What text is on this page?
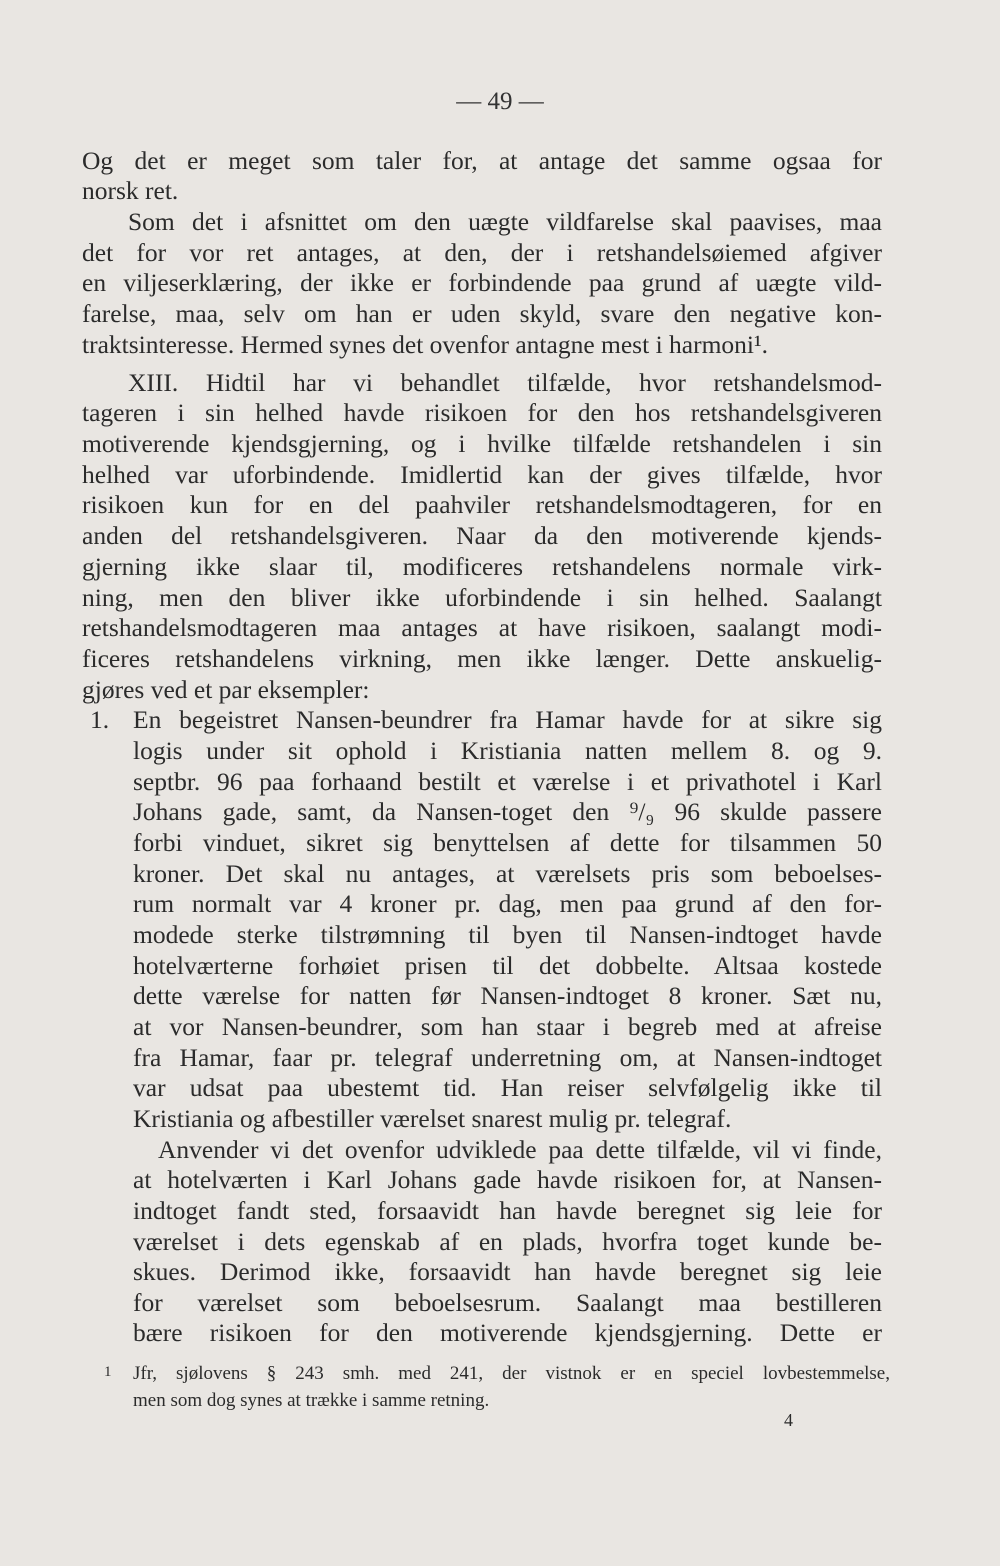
— 49 —
Og det er meget som taler for, at antage det samme ogsaa for
norsk ret.
Som det i afsnittet om den uægte vildfarelse skal paavises, maa
det for vor ret antages, at den, der i retshandelsøiemed afgiver
en viljeserklæring, der ikke er forbindende paa grund af uægte vild-
farelse, maa, selv om han er uden skyld, svare den negative kon-
traktsinteresse. Hermed synes det ovenfor antagne mest i harmoni¹.
XIII. Hidtil har vi behandlet tilfælde, hvor retshandelsmod-
tageren i sin helhed havde risikoen for den hos retshandelsgiveren
motiverende kjendsgjerning, og i hvilke tilfælde retshandelen i sin
helhed var uforbindende. Imidlertid kan der gives tilfælde, hvor
risikoen kun for en del paahviler retshandelsmodtageren, for en
anden del retshandelsgiveren. Naar da den motiverende kjends-
gjerning ikke slaar til, modificeres retshandelens normale virk-
ning, men den bliver ikke uforbindende i sin helhed. Saalangt
retshandelsmodtageren maa antages at have risikoen, saalangt modi-
ficeres retshandelens virkning, men ikke længer. Dette anskuelig-
gjøres ved et par eksempler:
1. En begeistret Nansen-beundrer fra Hamar havde for at sikre sig
logis under sit ophold i Kristiania natten mellem 8. og 9.
septbr. 96 paa forhaand bestilt et værelse i et privathotel i Karl
Johans gade, samt, da Nansen-toget den ⁹/₉ 96 skulde passere
forbi vinduet, sikret sig benyttelsen af dette for tilsammen 50
kroner. Det skal nu antages, at værelsets pris som beboelses-
rum normalt var 4 kroner pr. dag, men paa grund af den for-
modede sterke tilstrømning til byen til Nansen-indtoget havde
hotelværterne forhøiet prisen til det dobbelte. Altsaa kostede
dette værelse for natten før Nansen-indtoget 8 kroner. Sæt nu,
at vor Nansen-beundrer, som han staar i begreb med at afreise
fra Hamar, faar pr. telegraf underretning om, at Nansen-indtoget
var udsat paa ubestemt tid. Han reiser selvfølgelig ikke til
Kristiania og afbestiller værelset snarest mulig pr. telegraf.
Anvender vi det ovenfor udviklede paa dette tilfælde, vil vi finde,
at hotelværten i Karl Johans gade havde risikoen for, at Nansen-
indtoget fandt sted, forsaavidt han havde beregnet sig leie for
værelset i dets egenskab af en plads, hvorfra toget kunde be-
skues. Derimod ikke, forsaavidt han havde beregnet sig leie
for værelset som beboelsesrum. Saalangt maa bestilleren
bære risikoen for den motiverende kjendsgjerning. Dette er
1 Jfr, sjølovens § 243 smh. med 241, der vistnok er en speciel lovbestemmelse,
men som dog synes at trække i samme retning.
4
